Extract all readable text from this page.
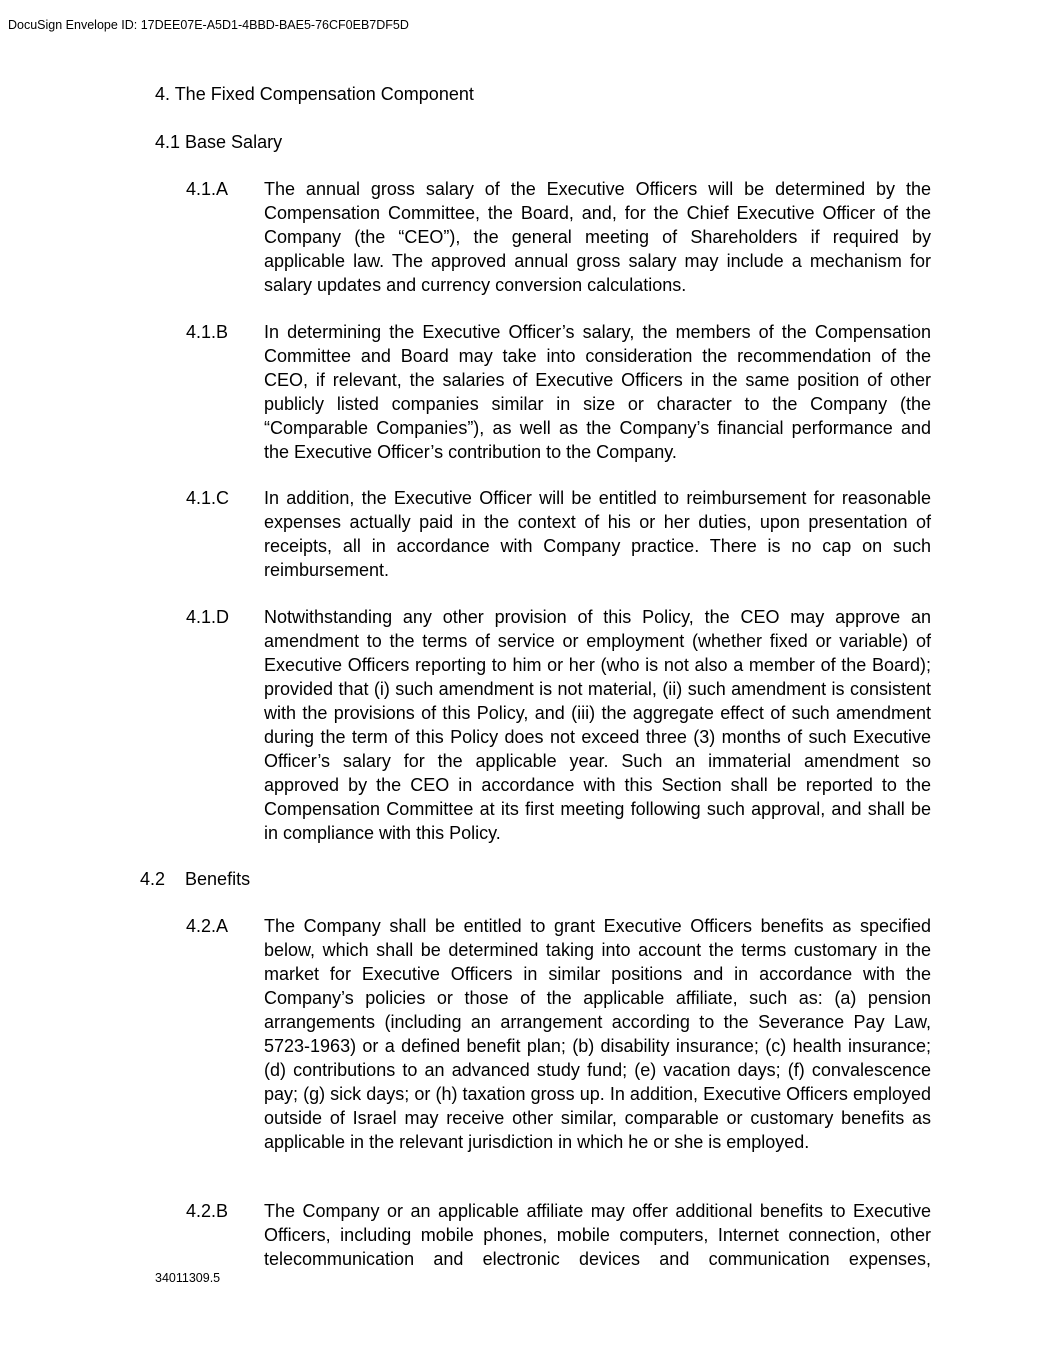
DocuSign Envelope ID: 17DEE07E-A5D1-4BBD-BAE5-76CF0EB7DF5D
4. The Fixed Compensation Component
4.1 Base Salary
4.1.A	The annual gross salary of the Executive Officers will be determined by the Compensation Committee, the Board, and, for the Chief Executive Officer of the Company (the “CEO”), the general meeting of Shareholders if required by applicable law. The approved annual gross salary may include a mechanism for salary updates and currency conversion calculations.
4.1.B	In determining the Executive Officer’s salary, the members of the Compensation Committee and Board may take into consideration the recommendation of the CEO, if relevant, the salaries of Executive Officers in the same position of other publicly listed companies similar in size or character to the Company (the “Comparable Companies”), as well as the Company’s financial performance and the Executive Officer’s contribution to the Company.
4.1.C	In addition, the Executive Officer will be entitled to reimbursement for reasonable expenses actually paid in the context of his or her duties, upon presentation of receipts, all in accordance with Company practice. There is no cap on such reimbursement.
4.1.D	Notwithstanding any other provision of this Policy, the CEO may approve an amendment to the terms of service or employment (whether fixed or variable) of Executive Officers reporting to him or her (who is not also a member of the Board); provided that (i) such amendment is not material, (ii) such amendment is consistent with the provisions of this Policy, and (iii) the aggregate effect of such amendment during the term of this Policy does not exceed three (3) months of such Executive Officer’s salary for the applicable year. Such an immaterial amendment so approved by the CEO in accordance with this Section shall be reported to the Compensation Committee at its first meeting following such approval, and shall be in compliance with this Policy.
4.2    Benefits
4.2.A	The Company shall be entitled to grant Executive Officers benefits as specified below, which shall be determined taking into account the terms customary in the market for Executive Officers in similar positions and in accordance with the Company’s policies or those of the applicable affiliate, such as: (a) pension arrangements (including an arrangement according to the Severance Pay Law, 5723-1963) or a defined benefit plan; (b) disability insurance; (c) health insurance; (d) contributions to an advanced study fund; (e) vacation days; (f) convalescence pay; (g) sick days; or (h) taxation gross up. In addition, Executive Officers employed outside of Israel may receive other similar, comparable or customary benefits as applicable in the relevant jurisdiction in which he or she is employed.
4.2.B	The Company or an applicable affiliate may offer additional benefits to Executive Officers, including mobile phones, mobile computers, Internet connection, other telecommunication and electronic devices and communication expenses,
34011309.5
